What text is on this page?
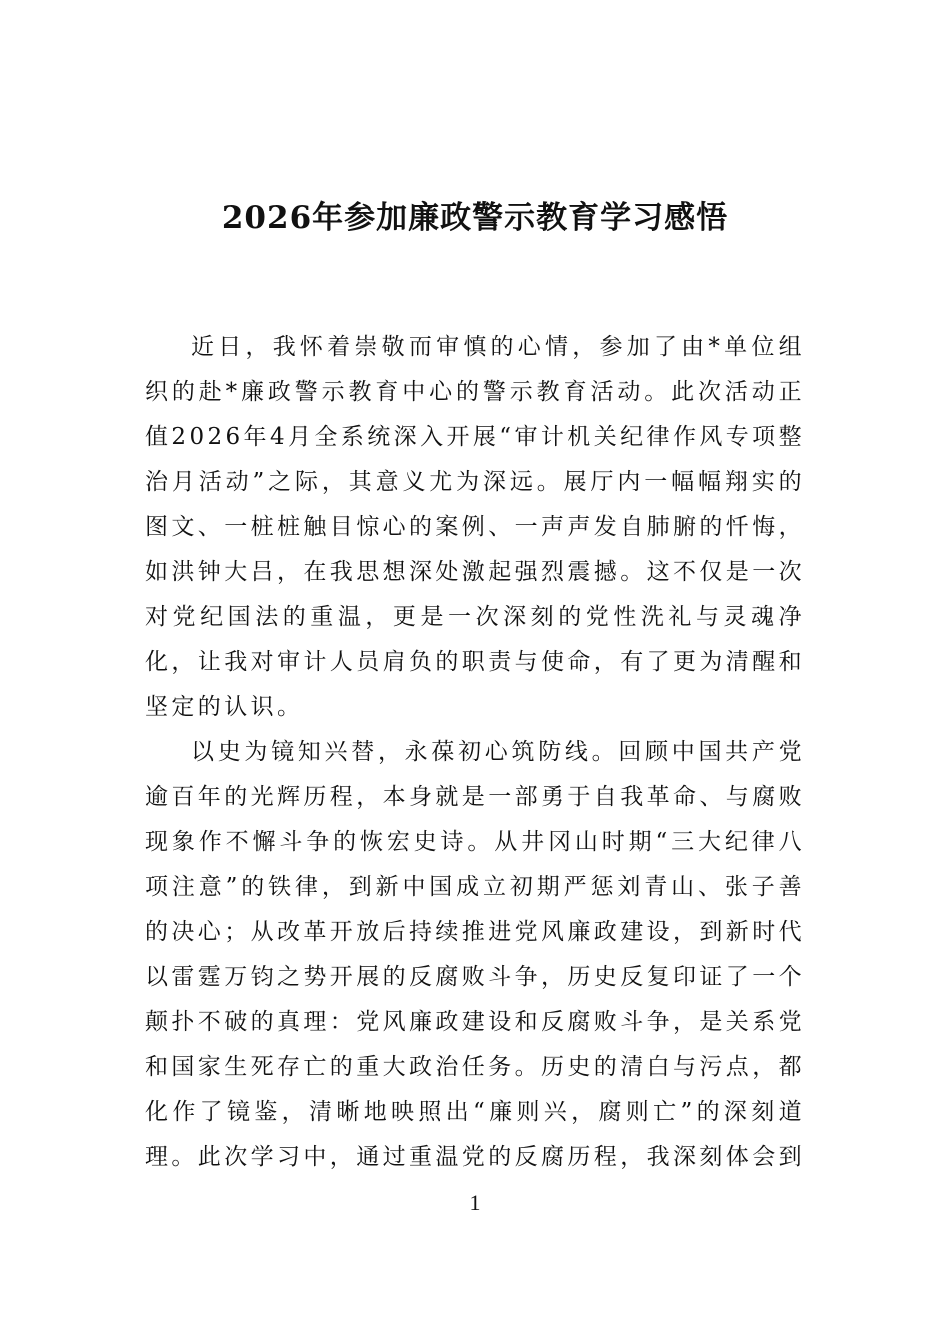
2026年参加廉政警示教育学习感悟

近日，我怀着崇敬而审慎的心情，参加了由*单位组织的赴*廉政警示教育中心的警示教育活动。此次活动正值2026年4月全系统深入开展“审计机关纪律作风专项整治月活动”之际，其意义尤为深远。展厅内一幅幅翔实的图文、一桩桩触目惊心的案例、一声声发自肺腑的忏悔，如洪钟大吕，在我思想深处激起强烈震撼。这不仅是一次对党纪国法的重温，更是一次深刻的党性洗礼与灵魂净化，让我对审计人员肩负的职责与使命，有了更为清醒和坚定的认识。

以史为镜知兴替，永葆初心筑防线。回顾中国共产党逾百年的光辉历程，本身就是一部勇于自我革命、与腐败现象作不懈斗争的恢宏史诗。从井冈山时期“三大纪律八项注意”的铁律，到新中国成立初期严惩刘青山、张子善的决心；从改革开放后持续推进党风廉政建设，到新时代以雷霆万钧之势开展的反腐败斗争，历史反复印证了一个颠扑不破的真理：党风廉政建设和反腐败斗争，是关系党和国家生死存亡的重大政治任务。历史的清白与污点，都化作了镜鉴，清晰地映照出“廉则兴，腐则亡”的深刻道理。此次学习中，通过重温党的反腐历程，我深刻体会到

1
